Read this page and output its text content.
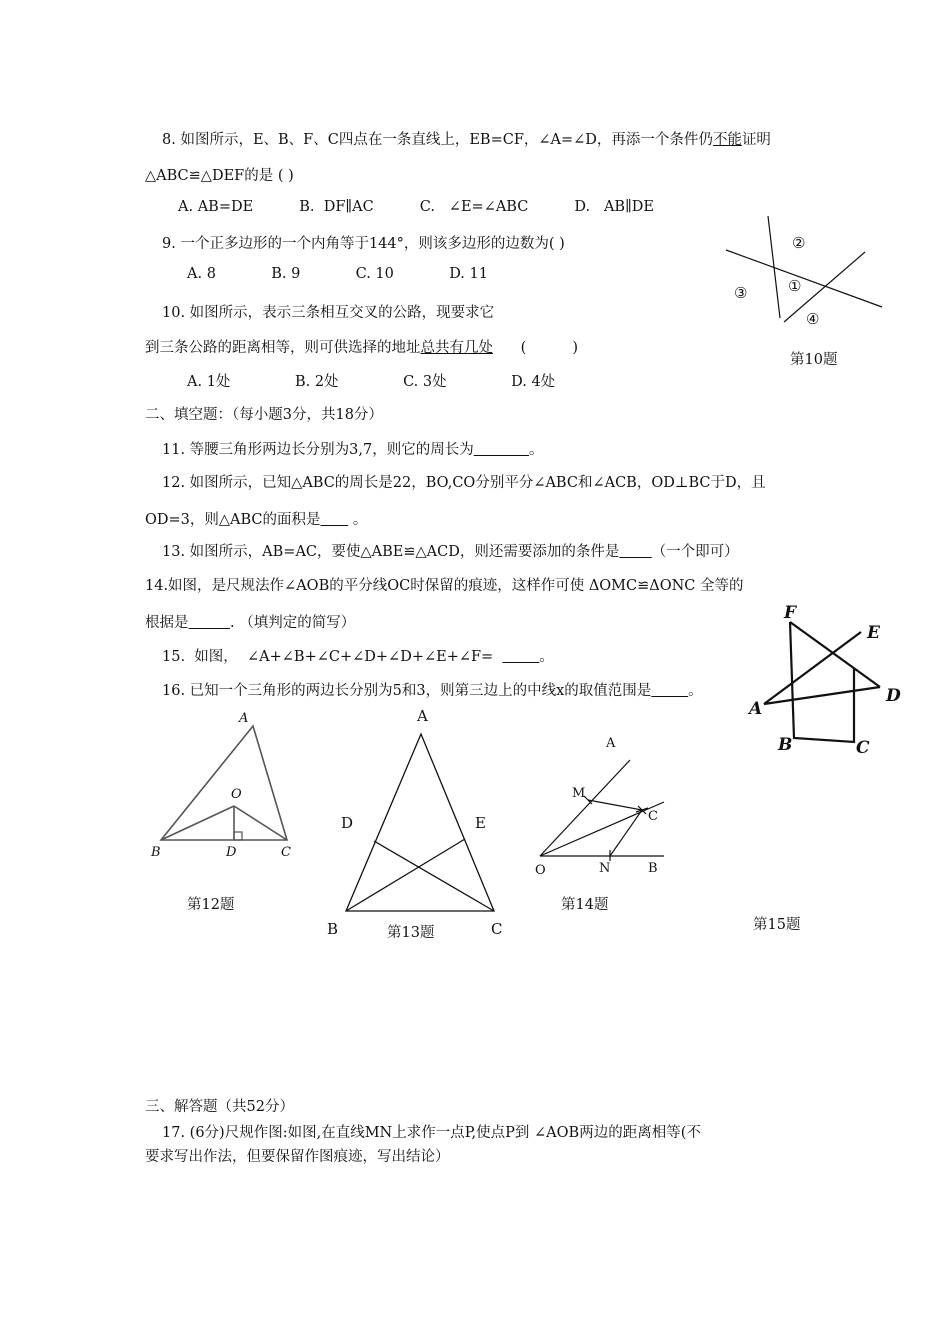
8. 如图所示，E、B、F、C四点在一条直线上，EB=CF，∠A=∠D，再添一个条件仍不能证明
△ABC≌△DEF的是 ( )
A. AB=DE          B.  DF∥AC          C.   ∠E=∠ABC          D.   AB∥DE
9. 一个正多边形的一个内角等于144°，则该多边形的边数为( )
A. 8            B. 9            C. 10            D. 11
10. 如图所示，表示三条相互交叉的公路，现要求它
到三条公路的距离相等，则可供选择的地址总共有几处      (          )
A. 1处              B. 2处              C. 3处              D. 4处
二、填空题：（每小题3分，共18分）
11. 等腰三角形两边长分别为3,7，则它的周长为	。
12. 如图所示，已知△ABC的周长是22，BO,CO分别平分∠ABC和∠ACB，OD⊥BC于D，且
OD=3，则△ABC的面积是       。
13. 如图所示，AB=AC，要使△ABE≌△ACD，则还需要添加的条件是 （一个即可）
14.如图，是尺规法作∠AOB的平分线OC时保留的痕迹，这样作可使 ΔOMC≌ΔONC 全等的
根据是	. （填判定的简写）
15.  如图，  ∠A+∠B+∠C+∠D+∠D+∠E+∠F=	。
16. 已知一个三角形的两边长分别为5和3，则第三边上的中线x的取值范围是	。
②
①
③
④
第10题
F
E
A
D
B	C
第15题
A
O
B	D	C
第12题
A
D	E
B	C
第13题
A
M
C
O	N	B
第14题
三、解答题（共52分）
17. (6分)尺规作图:如图,在直线MN上求作一点P,使点P到 ∠AOB两边的距离相等(不
要求写出作法，但要保留作图痕迹，写出结论）
